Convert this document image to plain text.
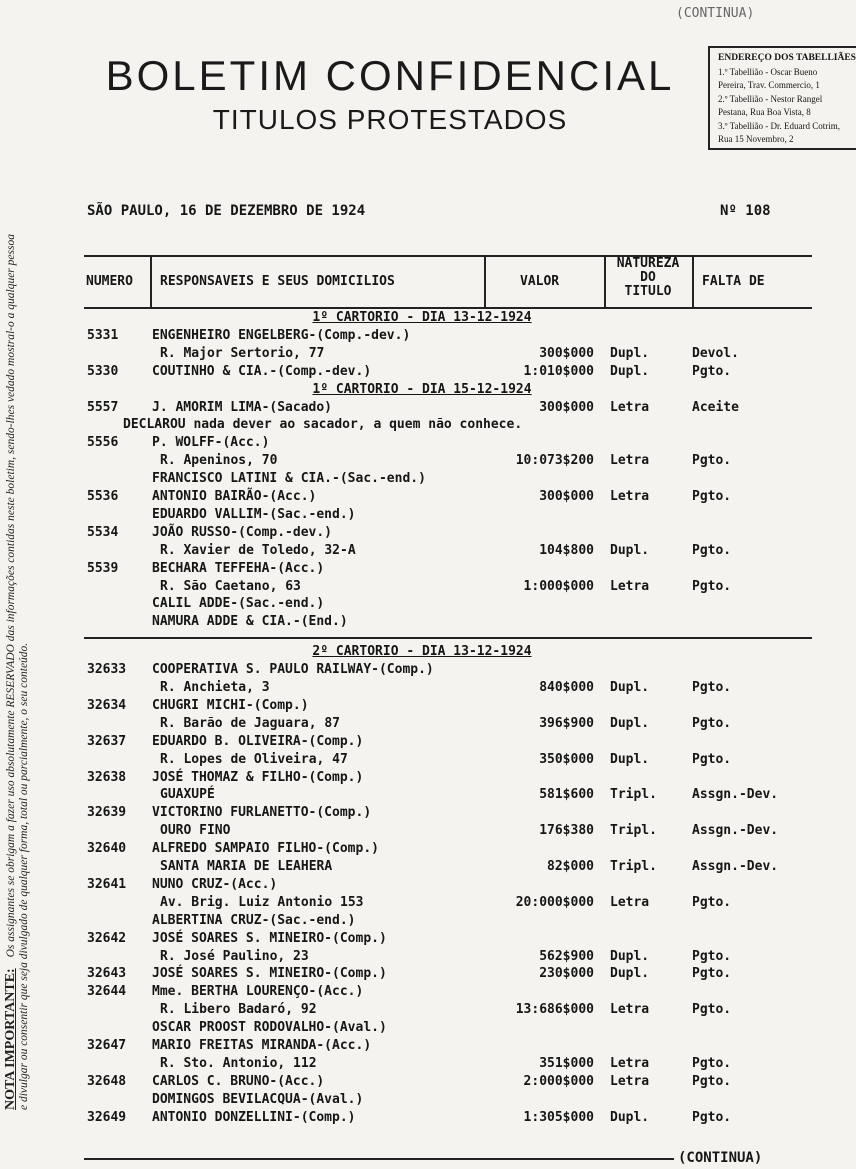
(CONTINUA)
BOLETIM CONFIDENCIAL
TITULOS PROTESTADOS
ENDEREÇO DOS TABELLIÃES
1.º Tabellião - Oscar Bueno
Pereira, Trav. Commercio, 1
2.º Tabellião - Nestor Rangel
Pestana, Rua Boa Vista, 8
3.º Tabellião - Dr. Eduard Cotrim,
Rua 15 Novembro, 2
NOTA IMPORTANTE: Os assignantes se obrigam a fazer uso absolutamente RESERVADO das informações contidas neste boletim, sendo-lhes vedado mostral-o a qualquer pessoa e divulgar ou consentir que seja divulgado de qualquer forma, total ou parcialmente, o seu conteúdo.
SÃO PAULO, 16 DE DEZEMBRO DE 1924	Nº 108
NUMERO RESPONSAVEIS E SEUS DOMICILIOS	VALOR
NATUREZA
DO
TITULO
FALTA DE
1º CARTORIO - DIA 13-12-1924
5331	ENGENHEIRO ENGELBERG-(Comp.-dev.)
R. Major Sertorio, 77	300$000 Dupl.	Devol.
5330	COUTINHO & CIA.-(Comp.-dev.)	1:010$000 Dupl.	Pgto.
1º CARTORIO - DIA 15-12-1924
5557	J. AMORIM LIMA-(Sacado)	300$000 Letra	Aceite
DECLAROU nada dever ao sacador, a quem não conhece.
5556	P. WOLFF-(Acc.)
R. Apeninos, 70	10:073$200 Letra	Pgto.
FRANCISCO LATINI & CIA.-(Sac.-end.)
5536	ANTONIO BAIRÃO-(Acc.)	300$000 Letra	Pgto.
EDUARDO VALLIM-(Sac.-end.)
5534	JOÃO RUSSO-(Comp.-dev.)
R. Xavier de Toledo, 32-A	104$800 Dupl.	Pgto.
5539	BECHARA TEFFEHA-(Acc.)
R. São Caetano, 63	1:000$000 Letra	Pgto.
CALIL ADDE-(Sac.-end.)
NAMURA ADDE & CIA.-(End.)
2º CARTORIO - DIA 13-12-1924
32633 COOPERATIVA S. PAULO RAILWAY-(Comp.)
R. Anchieta, 3	840$000 Dupl.	Pgto.
32634 CHUGRI MICHI-(Comp.)
R. Barão de Jaguara, 87	396$900 Dupl.	Pgto.
32637 EDUARDO B. OLIVEIRA-(Comp.)
R. Lopes de Oliveira, 47	350$000 Dupl.	Pgto.
32638 JOSÉ THOMAZ & FILHO-(Comp.)
GUAXUPÉ	581$600 Tripl.	Assgn.-Dev.
32639 VICTORINO FURLANETTO-(Comp.)
OURO FINO	176$380 Tripl.	Assgn.-Dev.
32640 ALFREDO SAMPAIO FILHO-(Comp.)
SANTA MARIA DE LEAHERA	82$000 Tripl.	Assgn.-Dev.
32641 NUNO CRUZ-(Acc.)
Av. Brig. Luiz Antonio 153	20:000$000 Letra	Pgto.
ALBERTINA CRUZ-(Sac.-end.)
32642 JOSÉ SOARES S. MINEIRO-(Comp.)
R. José Paulino, 23	562$900 Dupl.	Pgto.
32643 JOSÉ SOARES S. MINEIRO-(Comp.)	230$000 Dupl.	Pgto.
32644 Mme. BERTHA LOURENÇO-(Acc.)
R. Libero Badaró, 92	13:686$000 Letra	Pgto.
OSCAR PROOST RODOVALHO-(Aval.)
32647 MARIO FREITAS MIRANDA-(Acc.)
R. Sto. Antonio, 112	351$000 Letra	Pgto.
32648 CARLOS C. BRUNO-(Acc.)	2:000$000 Letra	Pgto.
DOMINGOS BEVILACQUA-(Aval.)
32649 ANTONIO DONZELLINI-(Comp.)	1:305$000 Dupl.	Pgto.
(CONTINUA)
